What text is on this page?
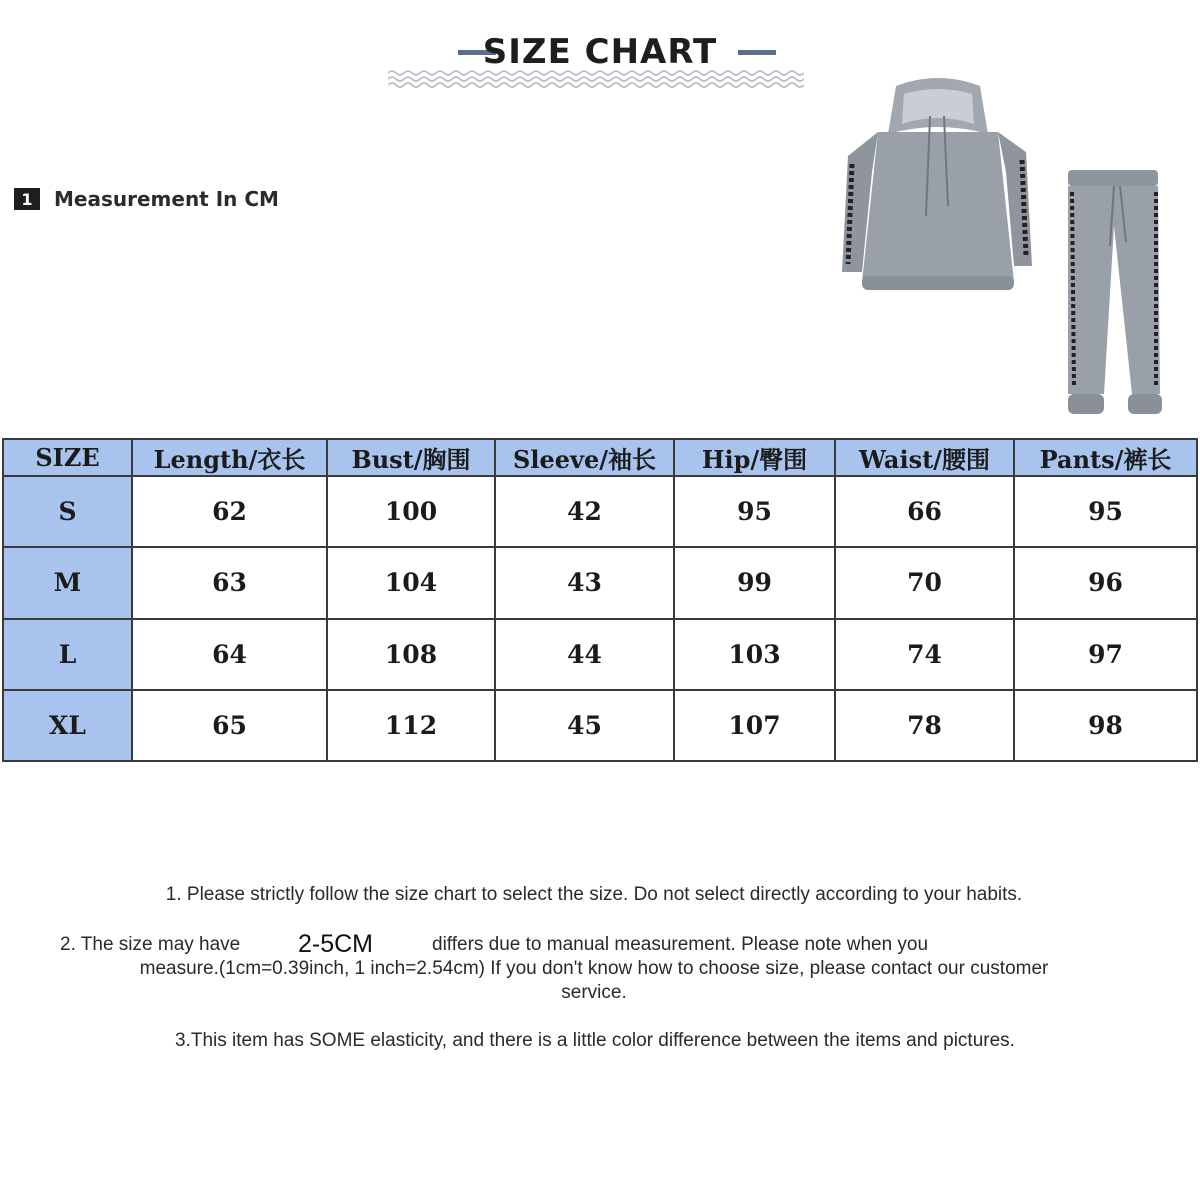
SIZE CHART
1	Measurement In CM
SIZE	Length/衣长	Bust/胸围	Sleeve/袖长	Hip/臀围	Waist/腰围	Pants/裤长
S	62	100	42	95	66	95
M	63	104	43	99	70	96
L	64	108	44	103	74	97
XL	65	112	45	107	78	98
1. Please strictly follow the size chart to select the size. Do not select directly according to your habits.
2. The size may have 2-5CM	differs due to manual measurement. Please note when you
measure.(1cm=0.39inch, 1 inch=2.54cm) If you don't know how to choose size, please contact our customer
service.
3.This item has SOME elasticity, and there is a little color difference between the items and pictures.
